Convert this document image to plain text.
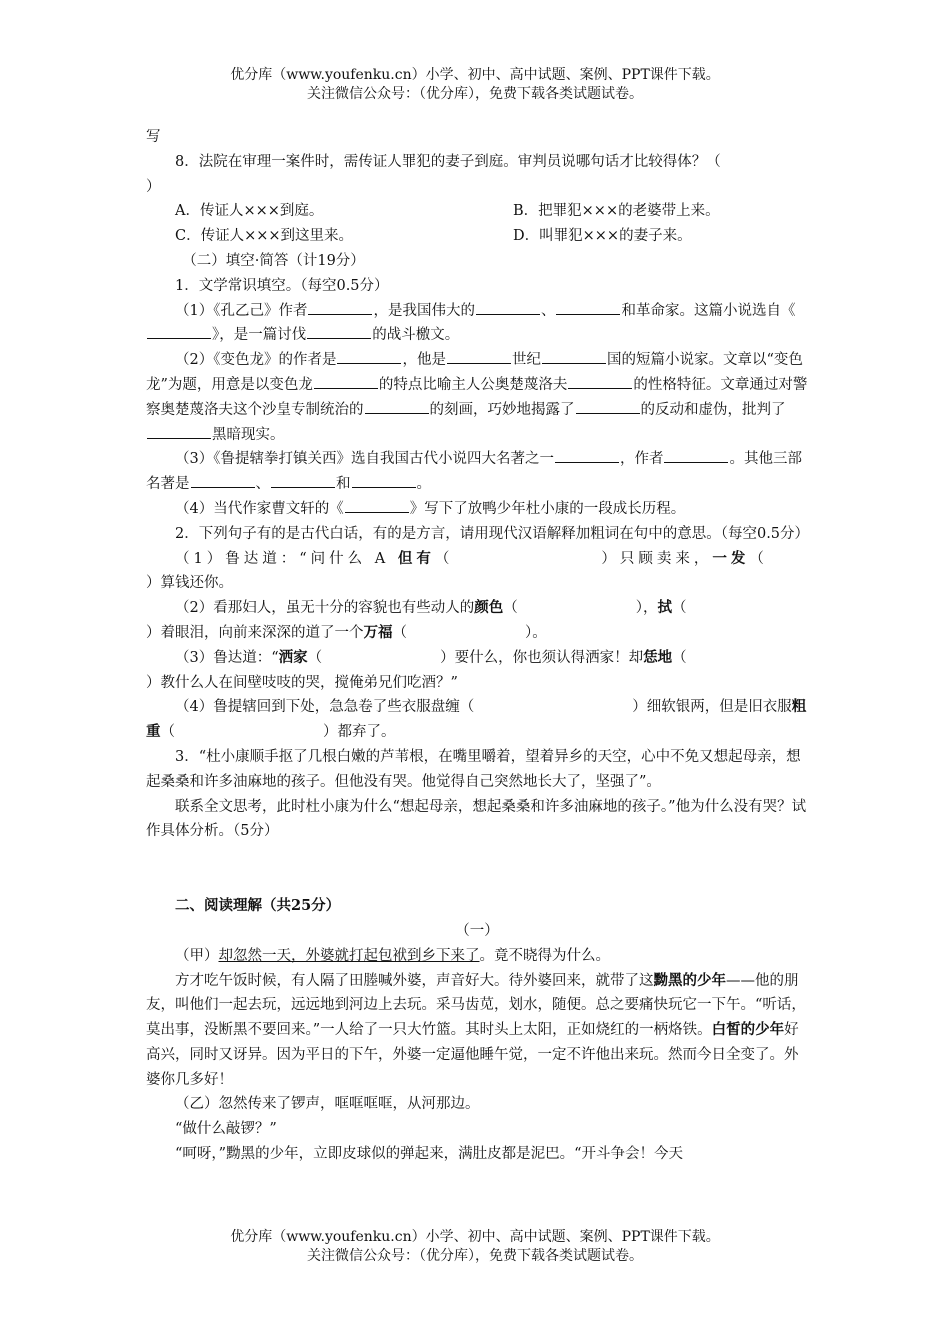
优分库（www.youfenku.cn）小学、初中、高中试题、案例、PPT课件下载。
关注微信公众号：（优分库），免费下载各类试题试卷。

写

8．法院在审理一案件时，需传证人罪犯的妻子到庭。审判员说哪句话才比较得体？（
）

A．传证人×××到庭。	B．把罪犯×××的老婆带上来。
C．传证人×××到这里来。	D．叫罪犯×××的妻子来。

（二）填空·简答（计19分）

1．文学常识填空。（每空0.5分）

（1）《孔乙己》作者	，是我国伟大的	、	和革命家。这篇小说选自《》，是一篇讨伐	的战斗檄文。

（2）《变色龙》的作者是	，他是	世纪	国的短篇小说家。文章以“变色龙”为题，用意是以变色龙	的特点比喻主人公奥楚蔑洛夫	的性格特征。文章通过对警察奥楚蔑洛夫这个沙皇专制统治的	的刻画，巧妙地揭露了	的反动和虚伪，批判了黑暗现实。

（3）《鲁提辖拳打镇关西》选自我国古代小说四大名著之一	，作者	。其他三部名著是	、	和	。

（4）当代作家曹文轩的《	》写下了放鸭少年杜小康的一段成长历程。

2．下列句子有的是古代白话，有的是方言，请用现代汉语解释加粗词在句中的意思。（每空0.5分）

（1）鲁达道：“问什么 A 但有（	）只顾卖来，一发（
）算钱还你。

（2）看那妇人，虽无十分的容貌也有些动人的颜色（	），拭（
）着眼泪，向前来深深的道了一个万福（	）。

（3）鲁达道：“洒家（	）要什么，你也须认得洒家！却恁地（
）教什么人在间壁吱吱的哭，搅俺弟兄们吃酒？”

（4）鲁提辖回到下处，急急卷了些衣服盘缠（	）细软银两，但是旧衣服粗重（	）都弃了。

3．“杜小康顺手抠了几根白嫩的芦苇根，在嘴里嚼着，望着异乡的天空，心中不免又想起母亲，想起桑桑和许多油麻地的孩子。但他没有哭。他觉得自己突然地长大了，坚强了”。

联系全文思考，此时杜小康为什么“想起母亲，想起桑桑和许多油麻地的孩子。”他为什么没有哭？试作具体分析。（5分）

二、阅读理解（共25分）

（一）

（甲）却忽然一天，外婆就打起包袱到乡下来了。竟不晓得为什么。

方才吃午饭时候，有人隔了田塍喊外婆，声音好大。待外婆回来，就带了这黝黑的少年——他的朋友，叫他们一起去玩，远远地到河边上去玩。采马齿苋，划水，随便。总之要痛快玩它一下午。“听话，莫出事，没断黑不要回来。”一人给了一只大竹篮。其时头上太阳，正如烧红的一柄烙铁。白皙的少年好高兴，同时又讶异。因为平日的下午，外婆一定逼他睡午觉，一定不许他出来玩。然而今日全变了。外婆你几多好！

（乙）忽然传来了锣声，哐哐哐哐，从河那边。

“做什么敲锣？”

“呵呀，”黝黑的少年，立即皮球似的弹起来，满肚皮都是泥巴。“开斗争会！今天

优分库（www.youfenku.cn）小学、初中、高中试题、案例、PPT课件下载。
关注微信公众号：（优分库），免费下载各类试题试卷。
